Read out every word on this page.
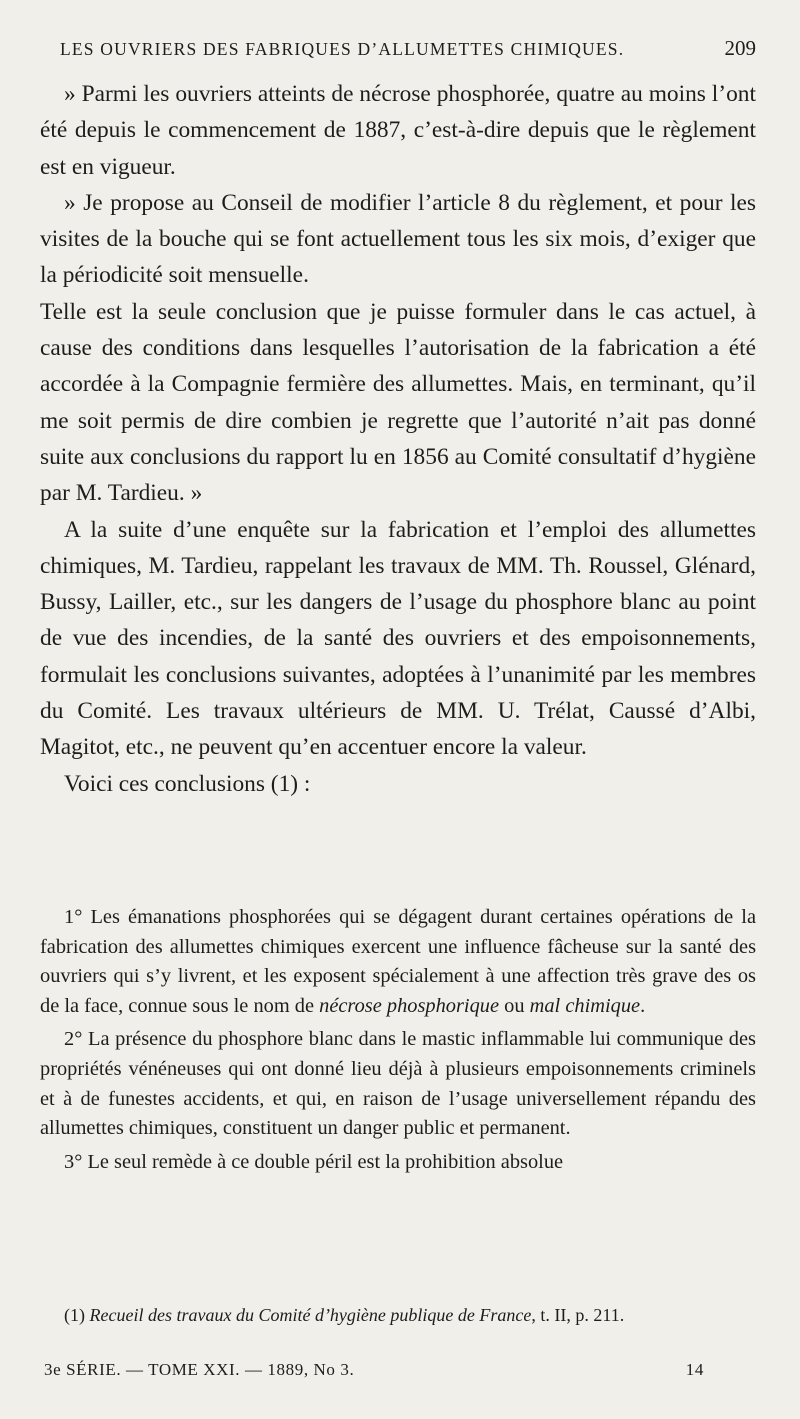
LES OUVRIERS DES FABRIQUES D’ALLUMETTES CHIMIQUES.	209

» Parmi les ouvriers atteints de nécrose phosphorée, quatre au moins l’ont été depuis le commencement de 1887, c’est-à-dire depuis que le règlement est en vigueur.

» Je propose au Conseil de modifier l’article 8 du règlement, et pour les visites de la bouche qui se font actuellement tous les six mois, d’exiger que la périodicité soit mensuelle.

Telle est la seule conclusion que je puisse formuler dans le cas actuel, à cause des conditions dans lesquelles l’autorisation de la fabrication a été accordée à la Compagnie fermière des allumettes. Mais, en terminant, qu’il me soit permis de dire combien je regrette que l’autorité n’ait pas donné suite aux conclusions du rapport lu en 1856 au Comité consultatif d’hygiène par M. Tardieu. »

A la suite d’une enquête sur la fabrication et l’emploi des allumettes chimiques, M. Tardieu, rappelant les travaux de MM. Th. Roussel, Glénard, Bussy, Lailler, etc., sur les dangers de l’usage du phosphore blanc au point de vue des incendies, de la santé des ouvriers et des empoisonnements, formulait les conclusions suivantes, adoptées à l’unanimité par les membres du Comité. Les travaux ultérieurs de MM. U. Trélat, Caussé d’Albi, Magitot, etc., ne peuvent qu’en accentuer encore la valeur.

Voici ces conclusions (1) :

1° Les émanations phosphorées qui se dégagent durant certaines opérations de la fabrication des allumettes chimiques exercent une influence fâcheuse sur la santé des ouvriers qui s’y livrent, et les exposent spécialement à une affection très grave des os de la face, connue sous le nom de nécrose phosphorique ou mal chimique.

2° La présence du phosphore blanc dans le mastic inflammable lui communique des propriétés vénéneuses qui ont donné lieu déjà à plusieurs empoisonnements criminels et à de funestes accidents, et qui, en raison de l’usage universellement répandu des allumettes chimiques, constituent un danger public et permanent.

3° Le seul remède à ce double péril est la prohibition absolue

(1) Recueil des travaux du Comité d’hygiène publique de France, t. II, p. 211.

3e SÉRIE. — TOME XXI. — 1889, No 3.	14
